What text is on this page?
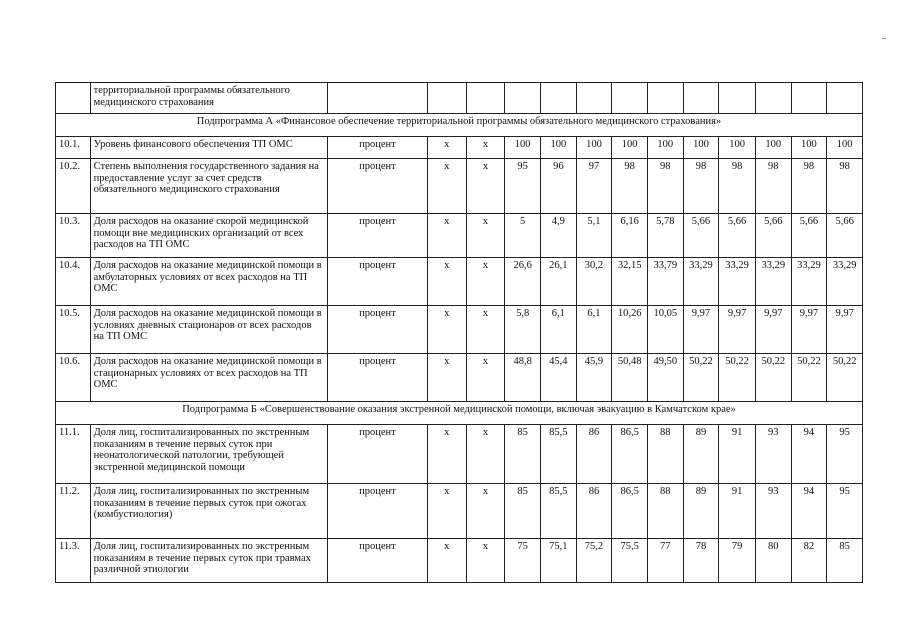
	территориальной программы обязательного медицинского страхования													
Подпрограмма А «Финансовое обеспечение территориальной программы обязательного медицинского страхования»														
10.1.	Уровень финансового обеспечения ТП ОМС	процент	х	х	100	100	100	100	100	100	100	100	100	100
10.2.	Степень выполнения государственного задания на предоставление услуг за счет средств обязательного медицинского страхования	процент	х	х	95	96	97	98	98	98	98	98	98	98
10.3.	Доля расходов на оказание скорой медицинской помощи вне медицинских организаций от всех расходов на ТП ОМС	процент	х	х	5	4,9	5,1	6,16	5,78	5,66	5,66	5,66	5,66	5,66
10.4.	Доля расходов на оказание медицинской помощи в амбулаторных условиях от всех расходов на ТП ОМС	процент	х	х	26,6	26,1	30,2	32,15	33,79	33,29	33,29	33,29	33,29	33,29
10.5.	Доля расходов на оказание медицинской помощи в условиях дневных стационаров от всех расходов на ТП ОМС	процент	х	х	5,8	6,1	6,1	10,26	10,05	9,97	9,97	9,97	9,97	9,97
10.6.	Доля расходов на оказание медицинской помощи в стационарных условиях от всех расходов на ТП ОМС	процент	х	х	48,8	45,4	45,9	50,48	49,50	50,22	50,22	50,22	50,22	50,22
Подпрограмма Б «Совершенствование оказания экстренной медицинской помощи, включая эвакуацию в Камчатском крае»														
11.1.	Доля лиц, госпитализированных по экстренным показаниям в течение первых суток при неонатологической патологии, требующей экстренной медицинской помощи	процент	х	х	85	85,5	86	86,5	88	89	91	93	94	95
11.2.	Доля лиц, госпитализированных по экстренным показаниям в течение первых суток при ожогах (комбустиология)	процент	х	х	85	85,5	86	86,5	88	89	91	93	94	95
11.3.	Доля лиц, госпитализированных по экстренным показаниям в течение первых суток при травмах различной этиологии	процент	х	х	75	75,1	75,2	75,5	77	78	79	80	82	85
